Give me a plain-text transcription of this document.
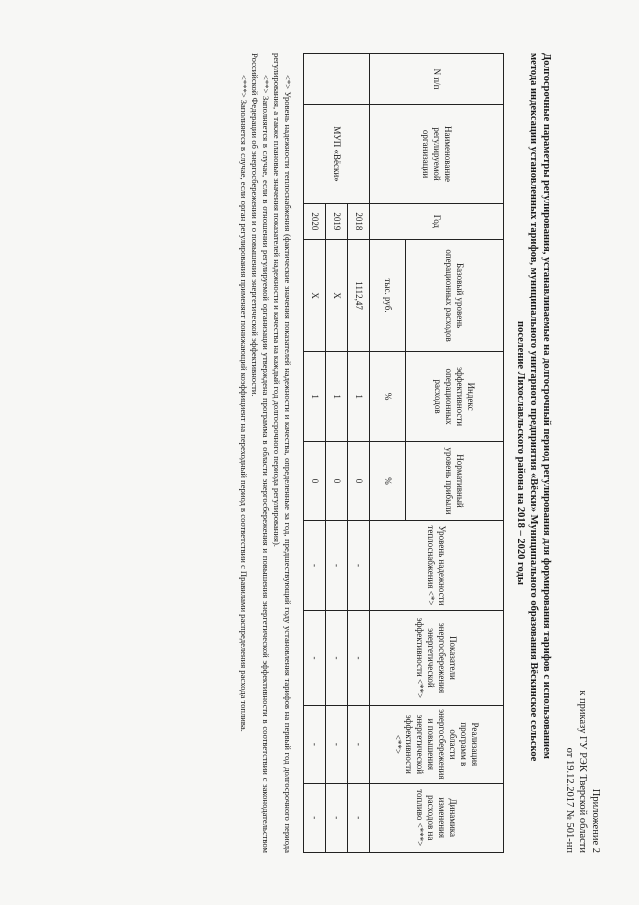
Приложение 2
к приказу ГУ РЭК Тверской области
от 19.12.2017 № 501-нп
Долгосрочные параметры регулирования, устанавливаемые на долгосрочный период регулирования для формирования тарифов с использованием
метода индексации установленных тарифов, муниципального унитарного предприятия «Вёски» Муниципального образования Вёскинское сельское
поселение Лихославльского района на 2018 – 2020 годы
N п/п	Наименование регулируемой организации	Год	Базовый уровень операционных расходов	Индекс эффективности операционных расходов	Нормативный уровень прибыли	Уровень надежности теплоснабжения <*>	Показатели энергосбережения энергетической эффективности <**>	Реализация программ в области энергосбережения и повышения энергетической эффективности <**>	Динамика изменения расходов на топливо <***>
			тыс. руб.	%	%				
	МУП «Вёски»	2018	1112,47	1	0	-	-	-	-
		2019	Х	1	0	-	-	-	-
		2020	Х	1	0	-	-	-	-

<*> Уровень надежности теплоснабжения (фактические значения показателей надежности и качества, определенные за год, предшествующий году установления тарифов на первый год долгосрочного периода регулирования, а также плановые значения показателей надежности и качества на каждый год долгосрочного периода регулирования).

<**> Заполняется в случае, если в отношении регулируемой организации утверждена программа в области энергосбережения и повышения энергетической эффективности в соответствии с законодательством Российской Федерации об энергосбережении и о повышении энергетической эффективности.

<***> Заполняется в случае, если орган регулирования применяет понижающий коэффициент на переходный период в соответствии с Правилами распределения расхода топлива.
